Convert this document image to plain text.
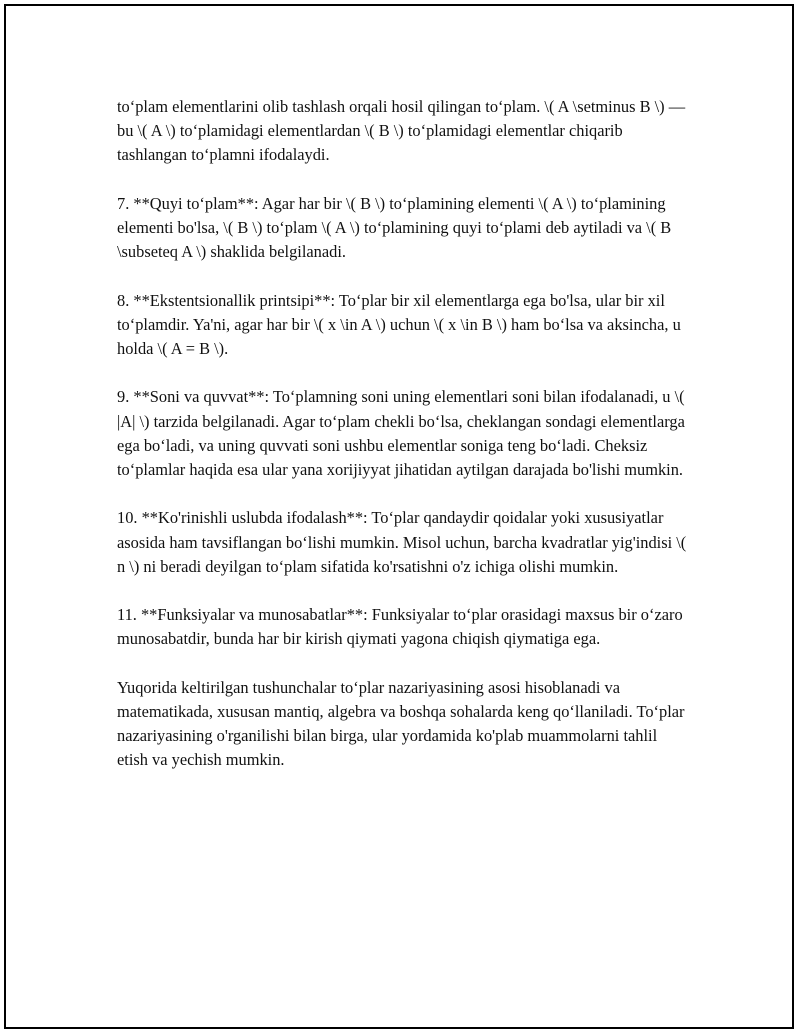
to‘plam elementlarini olib tashlash orqali hosil qilingan to‘plam. \( A \setminus B \) — bu \( A \) to‘plamidagi elementlardan \( B \) to‘plamidagi elementlar chiqarib tashlangan to‘plamni ifodalaydi.

7. **Quyi to‘plam**: Agar har bir \( B \) to‘plamining elementi \( A \) to‘plamining elementi bo'lsa, \( B \) to‘plam \( A \) to‘plamining quyi to‘plami deb aytiladi va \( B \subseteq A \) shaklida belgilanadi.

8. **Ekstentsionallik printsipi**: To‘plar bir xil elementlarga ega bo'lsa, ular bir xil to‘plamdir. Ya'ni, agar har bir \( x \in A \) uchun \( x \in B \) ham bo‘lsa va aksincha, u holda \( A = B \).

9. **Soni va quvvat**: To‘plamning soni uning elementlari soni bilan ifodalanadi, u \( |A| \) tarzida belgilanadi. Agar to‘plam chekli bo‘lsa, cheklangan sondagi elementlarga ega bo‘ladi, va uning quvvati soni ushbu elementlar soniga teng bo‘ladi. Cheksiz to‘plamlar haqida esa ular yana xorijiyyat jihatidan aytilgan darajada bo'lishi mumkin.

10. **Ko'rinishli uslubda ifodalash**: To‘plar qandaydir qoidalar yoki xususiyatlar asosida ham tavsiflangan bo‘lishi mumkin. Misol uchun, barcha kvadratlar yig'indisi \( n \) ni beradi deyilgan to‘plam sifatida ko'rsatishni o'z ichiga olishi mumkin.

11. **Funksiyalar va munosabatlar**: Funksiyalar to‘plar orasidagi maxsus bir o‘zaro munosabatdir, bunda har bir kirish qiymati yagona chiqish qiymatiga ega.

Yuqorida keltirilgan tushunchalar to‘plar nazariyasining asosi hisoblanadi va matematikada, xususan mantiq, algebra va boshqa sohalarda keng qo‘llaniladi. To‘plar nazariyasining o'rganilishi bilan birga, ular yordamida ko'plab muammolarni tahlil etish va yechish mumkin.
